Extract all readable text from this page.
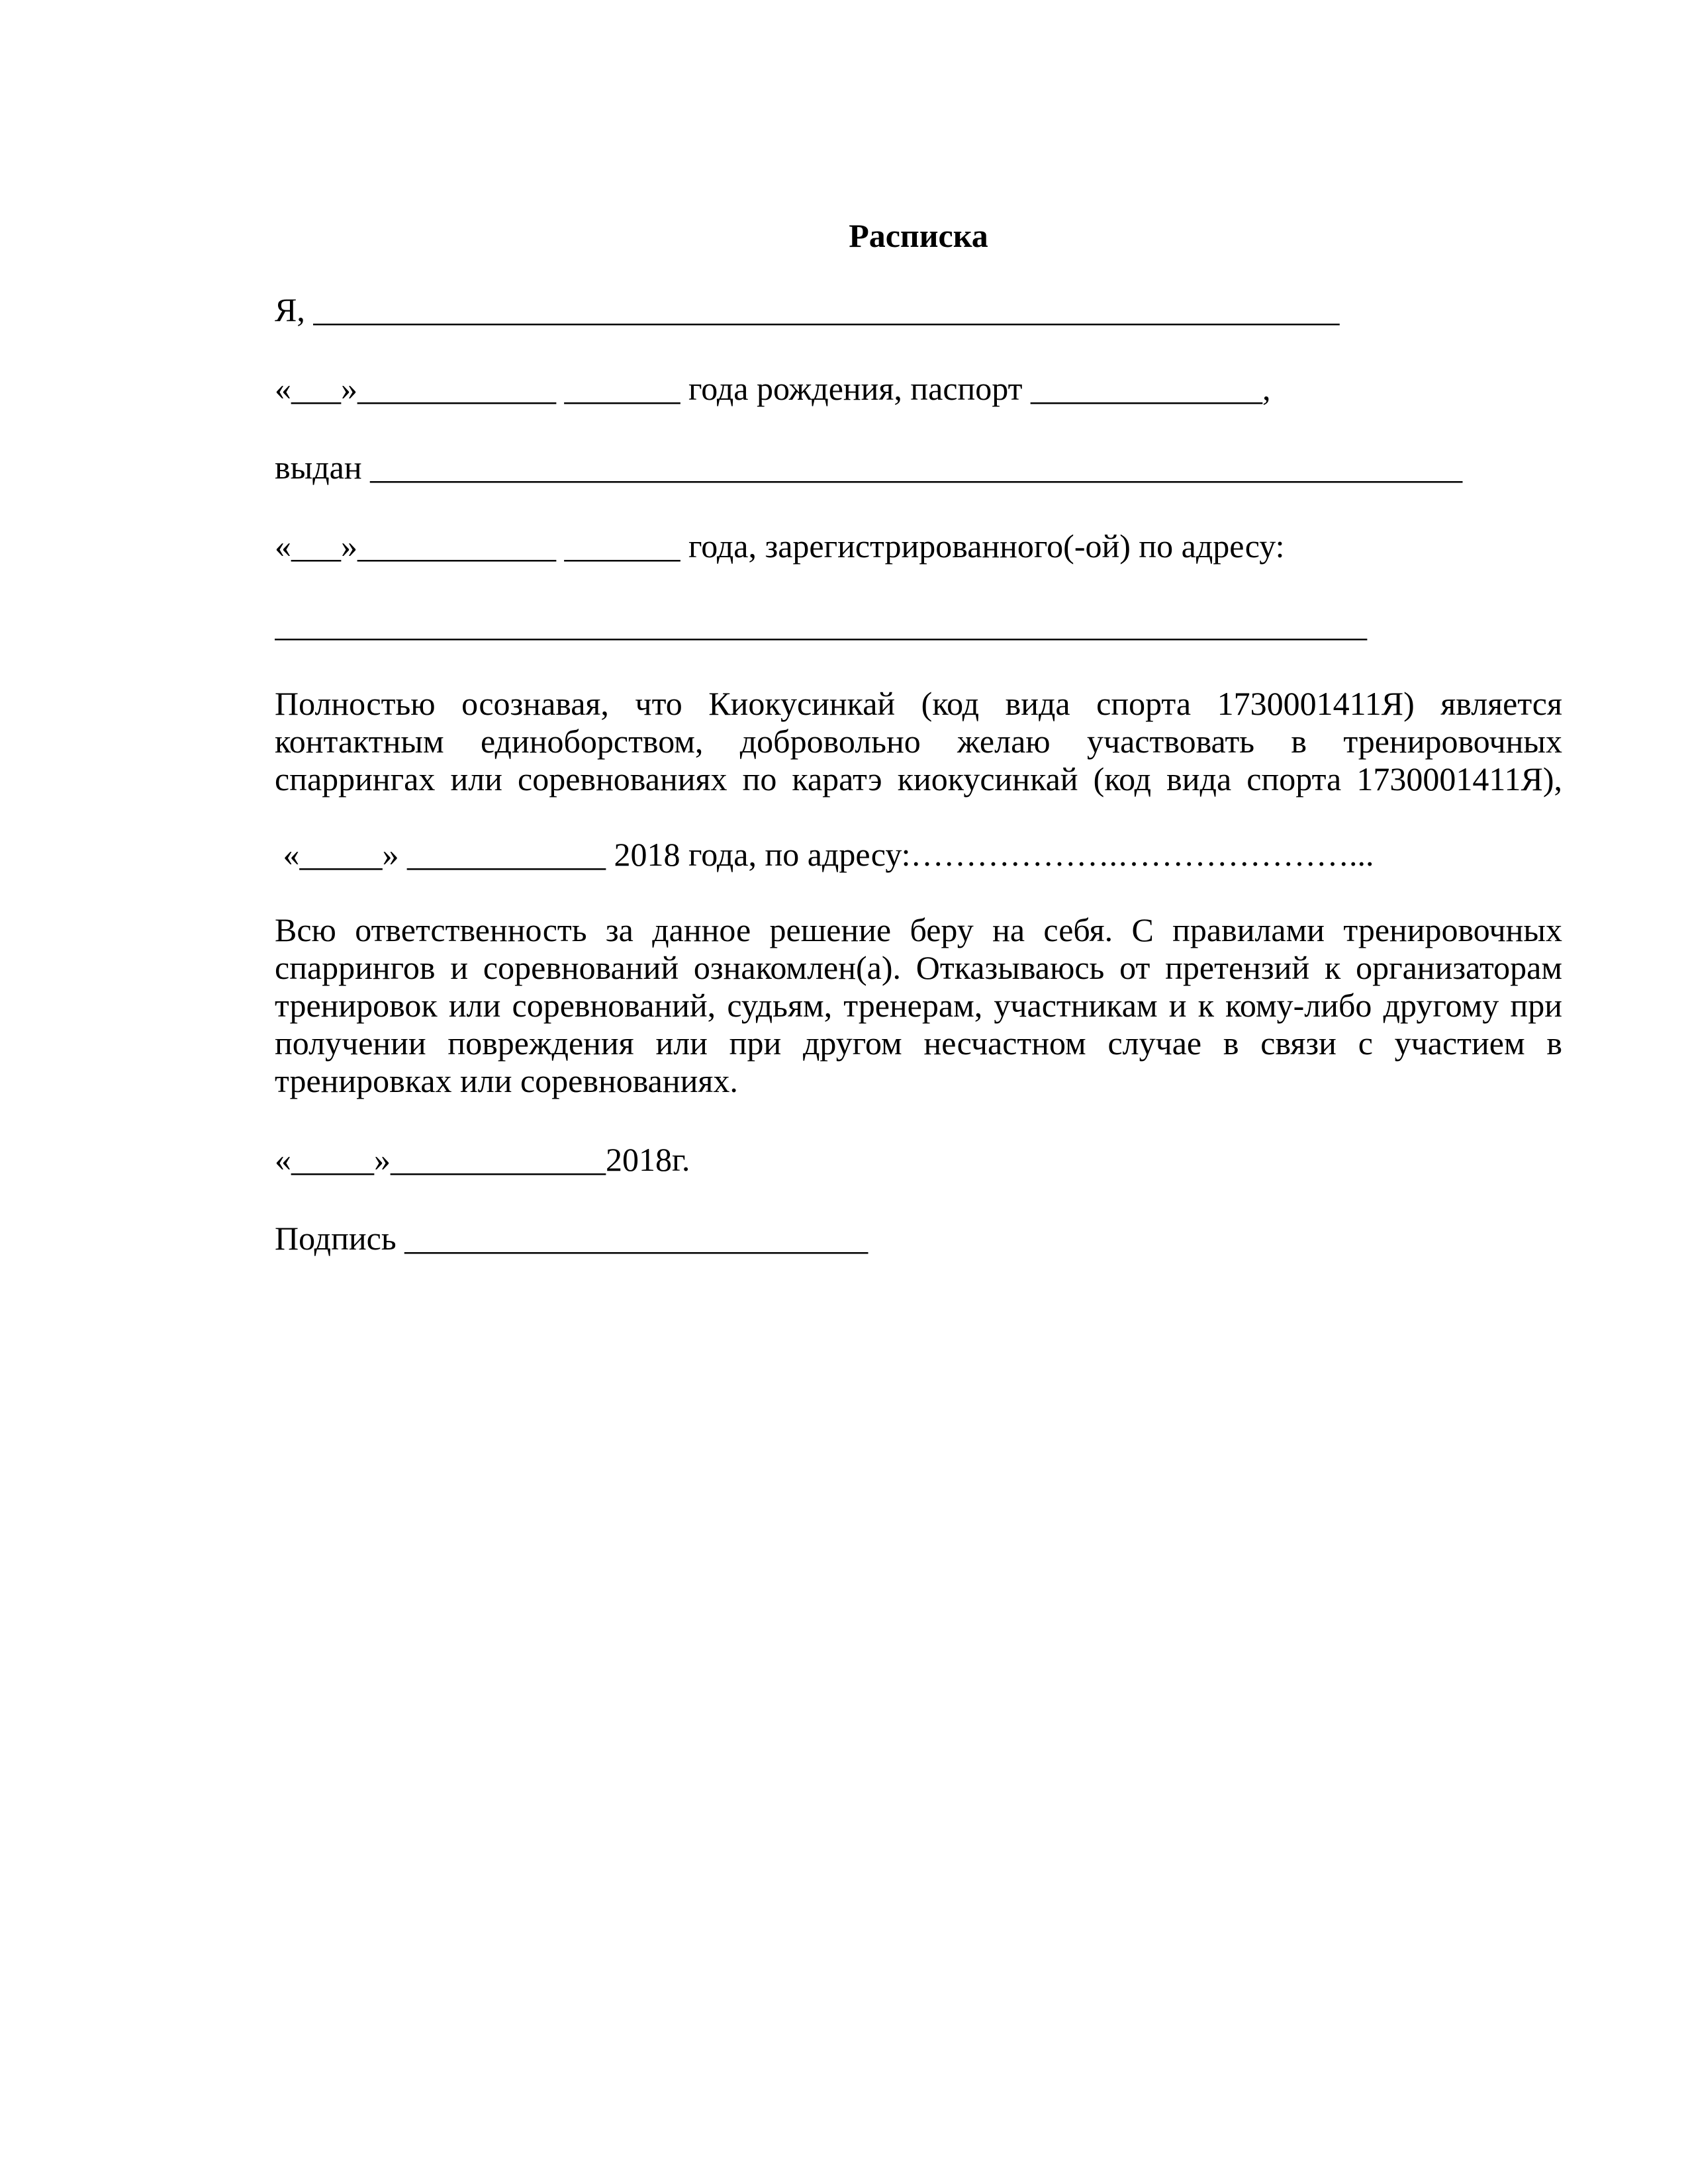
Расписка
Я, ______________________________________________________________
«___»____________ _______ года рождения, паспорт ______________,
выдан __________________________________________________________________
«___»____________ _______ года, зарегистрированного(-ой) по адресу:
__________________________________________________________________
Полностью осознавая, что Киокусинкай (код вида спорта 1730001411Я) является
контактным единоборством, добровольно желаю участвовать в тренировочных
спаррингах или соревнованиях по каратэ киокусинкай (код вида спорта 1730001411Я),
«_____» ____________ 2018 года, по адресу:……………….…………………...
Всю ответственность за данное решение беру на себя. С правилами тренировочных
спаррингов и соревнований ознакомлен(а). Отказываюсь от претензий к организаторам
тренировок или соревнований, судьям, тренерам, участникам и к кому-либо другому при
получении повреждения или при другом несчастном случае в связи с участием в
тренировках или соревнованиях.
«_____»_____________2018г.
Подпись ____________________________
